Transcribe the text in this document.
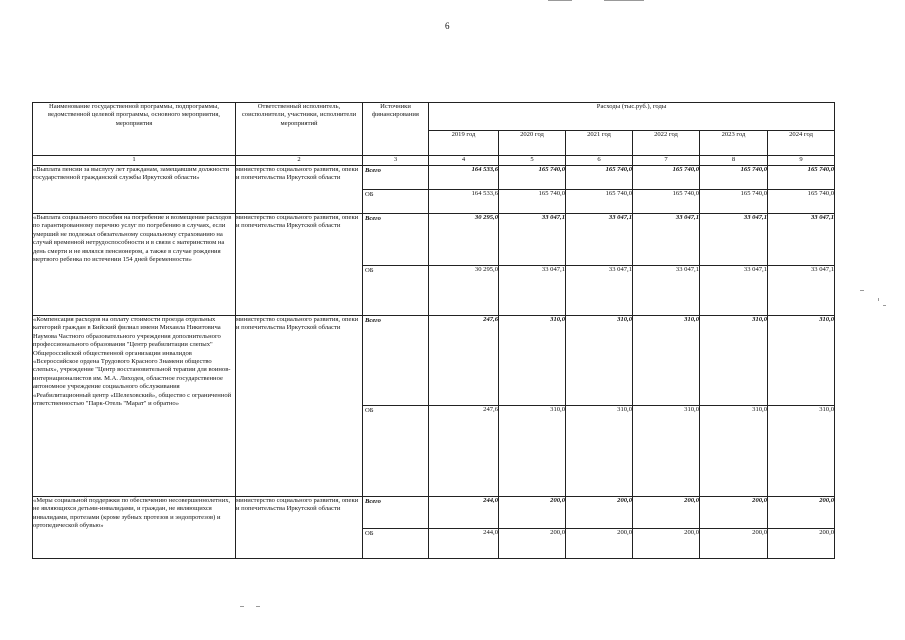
6
Наименование государственной программы, подпрограммы, ведомственной целевой программы, основного мероприятия, мероприятия	Ответственный исполнитель, соисполнители, участники, исполнители мероприятий	Источники финансирования	Расходы (тыс.руб.), годы					
			2019 год	2020 год	2021 год	2022 год	2023 год	2024 год
1	2	3	4	5	6	7	8	9
«Выплата пенсии за выслугу лет гражданам, замещавшим должности государственной гражданской службы Иркутской области»	министерство социального развития, опеки и попечительства Иркутской области	Всего	164 533,6	165 740,0	165 740,0	165 740,0	165 740,0	165 740,0
		ОБ	164 533,6	165 740,0	165 740,0	165 740,0	165 740,0	165 740,0
«Выплата социального пособия на погребение и возмещение расходов по гарантированному перечню услуг по погребению в случаях, если умерший не подлежал обязательному социальному страхованию на случай временной нетрудоспособности и в связи с материнством на день смерти и не являлся пенсионером, а также в случае рождения мертвого ребенка по истечении 154 дней беременности»	министерство социального развития, опеки и попечительства Иркутской области	Всего	30 295,0	33 047,1	33 047,1	33 047,1	33 047,1	33 047,1
		ОБ	30 295,0	33 047,1	33 047,1	33 047,1	33 047,1	33 047,1
«Компенсация расходов на оплату стоимости проезда отдельных категорий граждан в Бийский филиал имени Михаила Никитовича Наумова Частного образовательного учреждения дополнительного профессионального образования "Центр реабилитации слепых" Общероссийской общественной организации инвалидов «Всероссийское ордена Трудового Красного Знамени общество слепых», учреждение "Центр восстановительной терапии для воинов-интернационалистов им. М.А. Лиходея, областное государственное автономное учреждение социального обслуживания «Реабилитационный центр «Шелеховский», общество с ограниченной ответственностью "Парк-Отель "Марат" и обратно»	министерство социального развития, опеки и попечительства Иркутской области	Всего	247,6	310,0	310,0	310,0	310,0	310,0
		ОБ	247,6	310,0	310,0	310,0	310,0	310,0
«Меры социальной поддержки по обеспечению несовершеннолетних, не являющихся детьми-инвалидами, и граждан, не являющихся инвалидами, протезами (кроме зубных протезов и эндопротезов) и ортопедической обувью»	министерство социального развития, опеки и попечительства Иркутской области	Всего	244,0	200,0	200,0	200,0	200,0	200,0
		ОБ	244,0	200,0	200,0	200,0	200,0	200,0
